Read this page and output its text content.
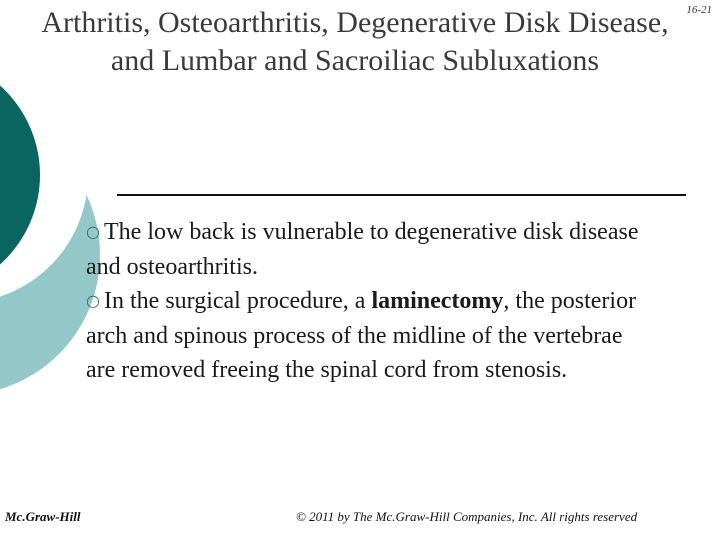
16-21
Arthritis, Osteoarthritis, Degenerative Disk Disease, and Lumbar and Sacroiliac Subluxations

○The low back is vulnerable to degenerative disk disease and osteoarthritis.

○In the surgical procedure, a laminectomy, the posterior arch and spinous process of the midline of the vertebrae are removed freeing the spinal cord from stenosis.

Mc.Graw-Hill	© 2011 by The Mc.Graw-Hill Companies, Inc. All rights reserved
